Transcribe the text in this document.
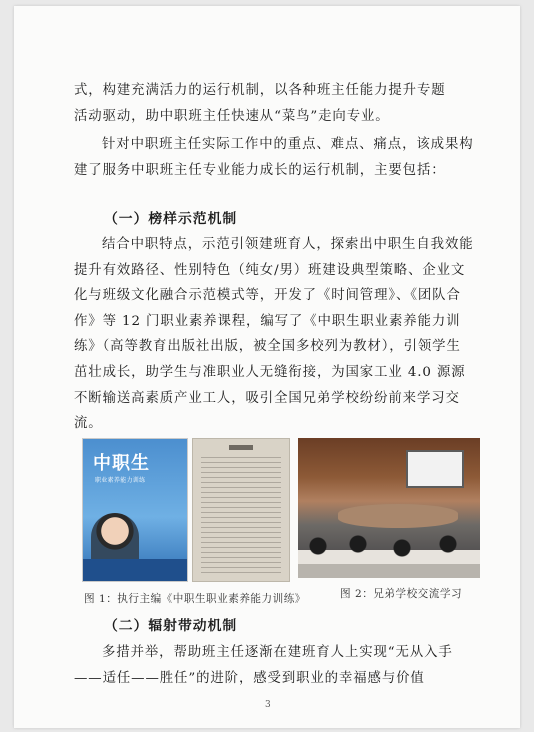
式，构建充满活力的运行机制，以各种班主任能力提升专题
活动驱动，助中职班主任快速从“菜鸟”走向专业。
针对中职班主任实际工作中的重点、难点、痛点，该成果构建了服务中职班主任专业能力成长的运行机制，主要包括：
（一）榜样示范机制
结合中职特点，示范引领建班育人，探索出中职生自我效能提升有效路径、性别特色（纯女/男）班建设典型策略、企业文化与班级文化融合示范模式等，开发了《时间管理》、《团队合作》等 12 门职业素养课程，编写了《中职生职业素养能力训练》（高等教育出版社出版，被全国多校列为教材），引领学生茁壮成长，助学生与准职业人无缝衔接，为国家工业 4.0 源源不断输送高素质产业工人，吸引全国兄弟学校纷纷前来学习交流。
中职生
职业素养能力训练
图 1：执行主编《中职生职业素养能力训练》	图 2：兄弟学校交流学习
（二）辐射带动机制
多措并举，帮助班主任逐渐在建班育人上实现“无从入手——适任——胜任”的进阶，感受到职业的幸福感与价值
3
